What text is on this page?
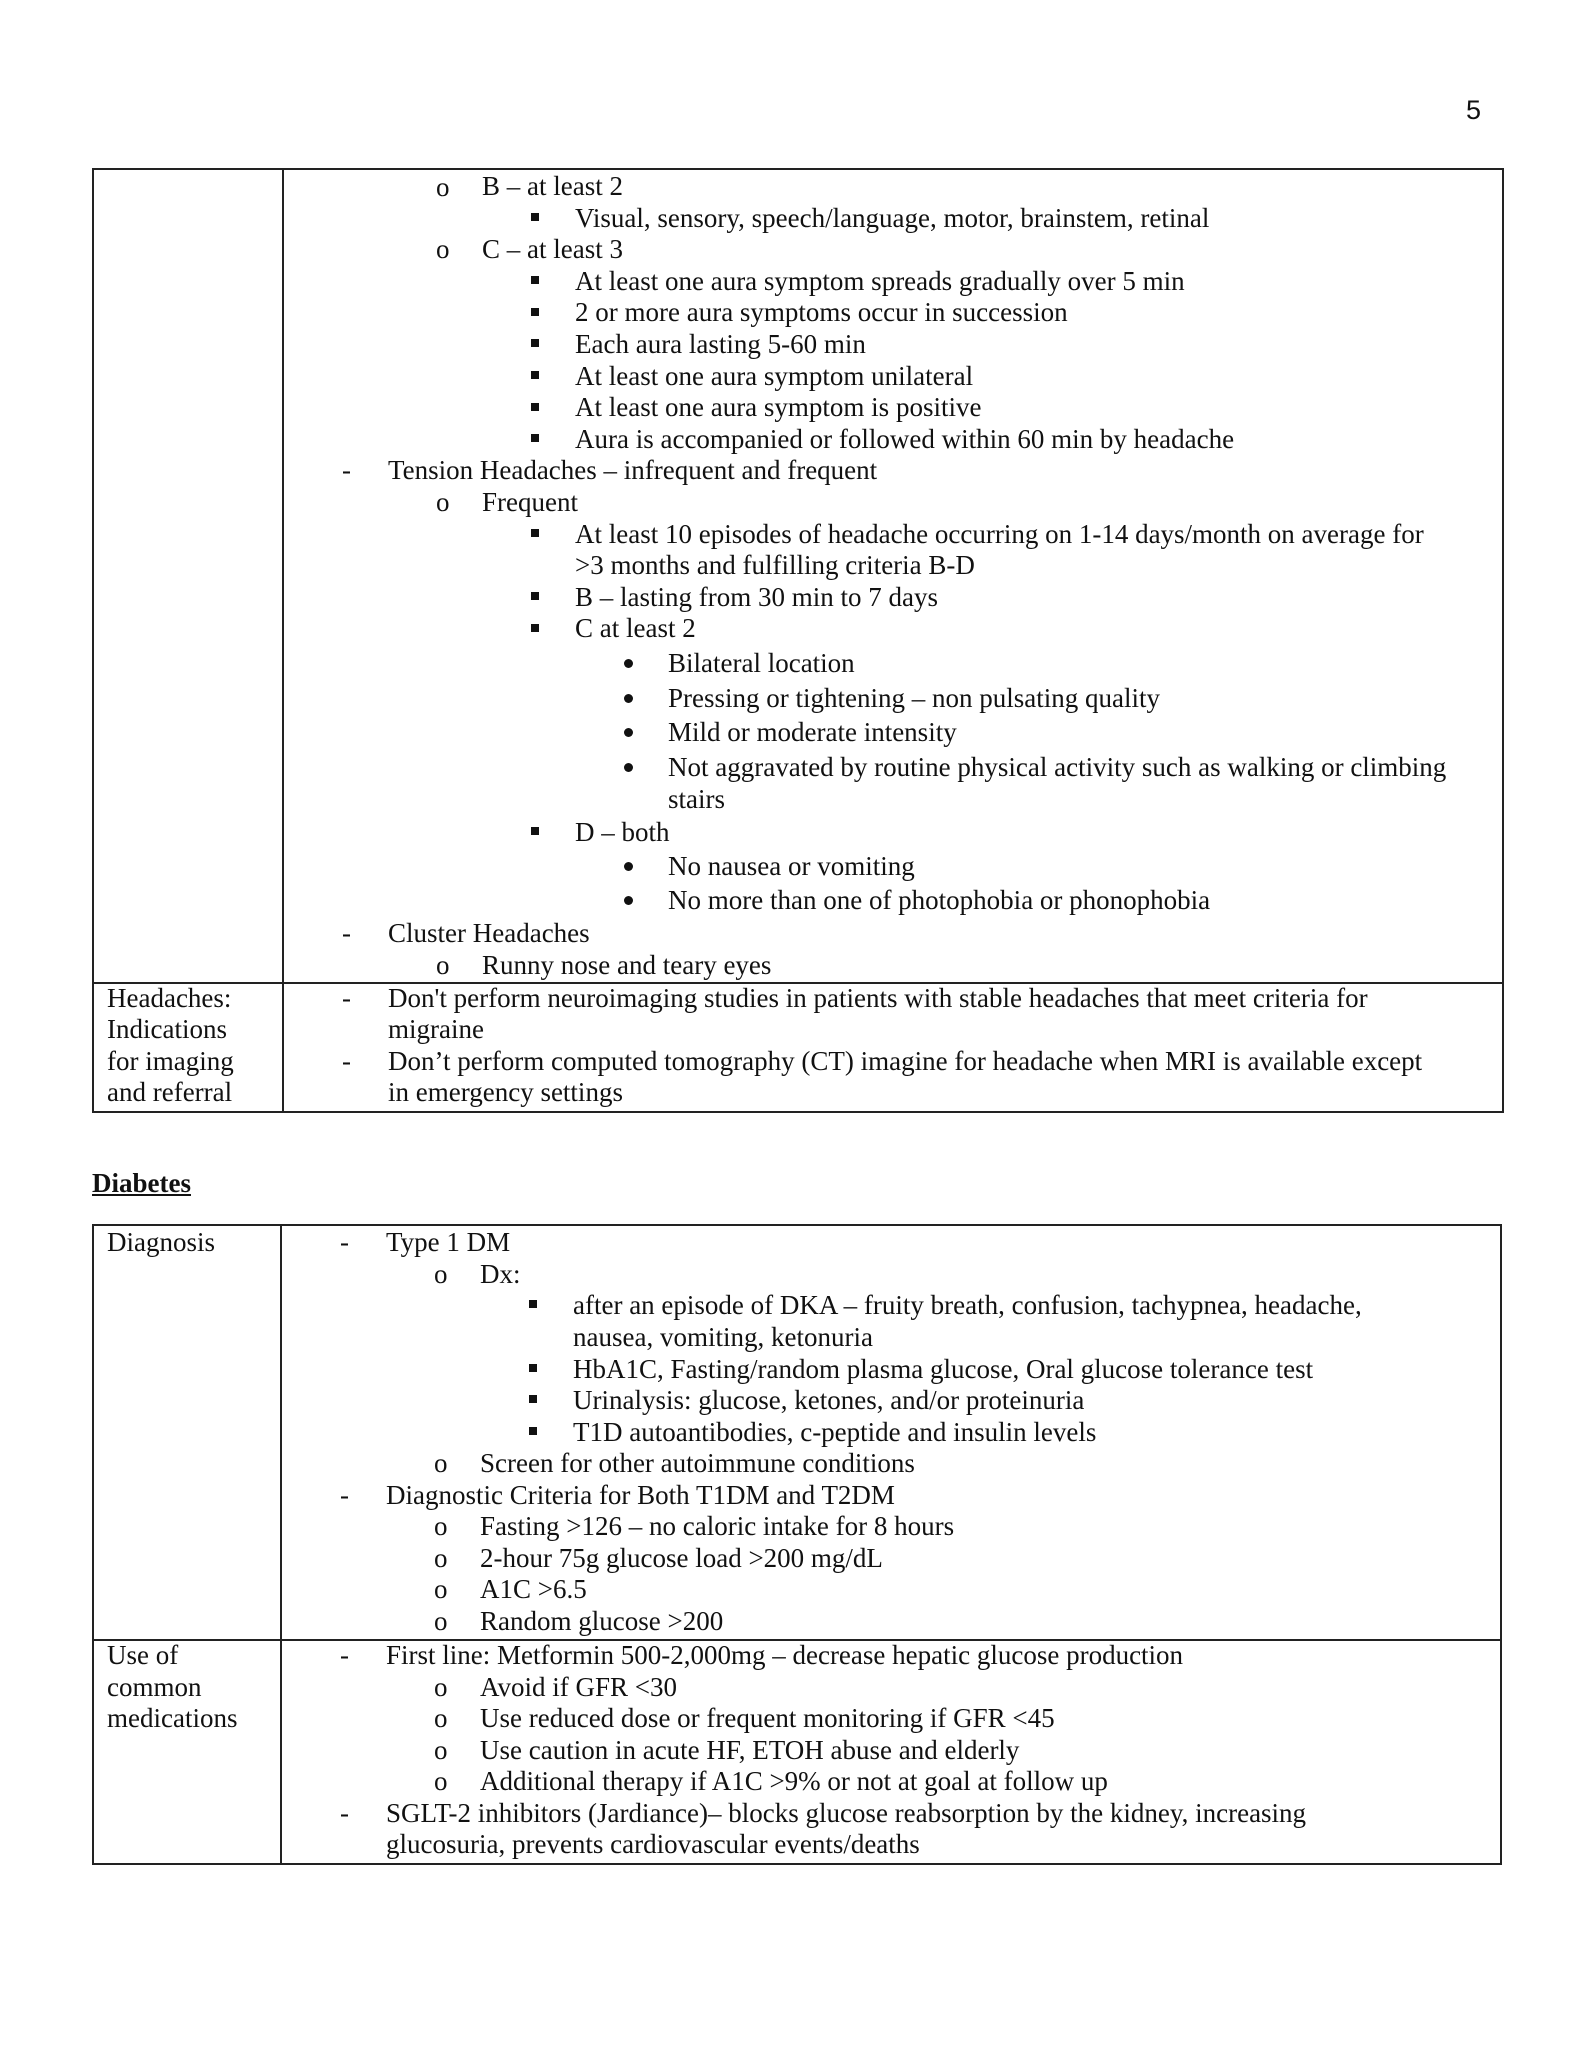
5
o
o
-
o
-
o
B – at least 2
Visual, sensory, speech/language, motor, brainstem, retinal
C – at least 3
At least one aura symptom spreads gradually over 5 min
2 or more aura symptoms occur in succession
Each aura lasting 5-60 min
At least one aura symptom unilateral
At least one aura symptom is positive
Aura is accompanied or followed within 60 min by headache
Tension Headaches – infrequent and frequent
Frequent
At least 10 episodes of headache occurring on 1-14 days/month on average for
>3 months and fulfilling criteria B-D
B – lasting from 30 min to 7 days
C at least 2
Bilateral location
Pressing or tightening – non pulsating quality
Mild or moderate intensity
Not aggravated by routine physical activity such as walking or climbing
stairs
D – both
No nausea or vomiting
No more than one of photophobia or phonophobia
Cluster Headaches
Runny nose and teary eyes
Headaches:
Indications
for imaging
and referral
-
-
Don't perform neuroimaging studies in patients with stable headaches that meet criteria for
migraine
Don’t perform computed tomography (CT) imagine for headache when MRI is available except
in emergency settings
Diabetes
Diagnosis	-
o
o
-
o
o
o
o
Type 1 DM
Dx:
after an episode of DKA – fruity breath, confusion, tachypnea, headache,
nausea, vomiting, ketonuria
HbA1C, Fasting/random plasma glucose, Oral glucose tolerance test
Urinalysis: glucose, ketones, and/or proteinuria
T1D autoantibodies, c-peptide and insulin levels
Screen for other autoimmune conditions
Diagnostic Criteria for Both T1DM and T2DM
Fasting >126 – no caloric intake for 8 hours
2-hour 75g glucose load >200 mg/dL
A1C >6.5
Random glucose >200
Use of
common
medications
-
o
o
o
o
-
First line: Metformin 500-2,000mg – decrease hepatic glucose production
Avoid if GFR <30
Use reduced dose or frequent monitoring if GFR <45
Use caution in acute HF, ETOH abuse and elderly
Additional therapy if A1C >9% or not at goal at follow up
SGLT-2 inhibitors (Jardiance)– blocks glucose reabsorption by the kidney, increasing
glucosuria, prevents cardiovascular events/deaths
